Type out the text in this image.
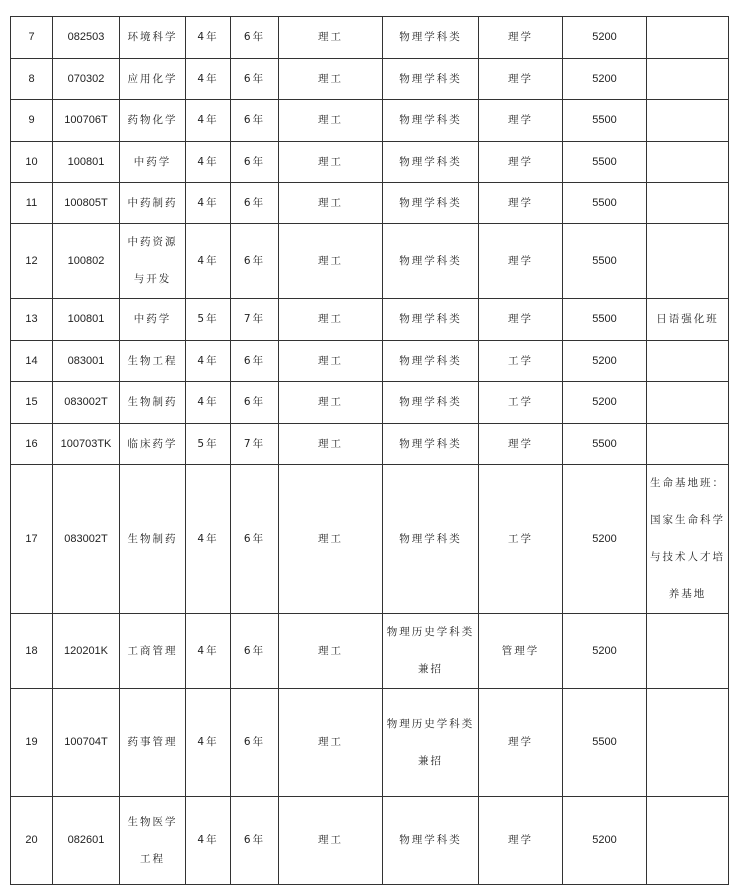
7	082503	环境科学	4年	6年	理工	物理学科类	理学	5200	
8	070302	应用化学	4年	6年	理工	物理学科类	理学	5200	
9	100706T	药物化学	4年	6年	理工	物理学科类	理学	5500	
10	100801	中药学	4年	6年	理工	物理学科类	理学	5500	
11	100805T	中药制药	4年	6年	理工	物理学科类	理学	5500	
12	100802	中药资源与开发	4年	6年	理工	物理学科类	理学	5500	
13	100801	中药学	5年	7年	理工	物理学科类	理学	5500	日语强化班
14	083001	生物工程	4年	6年	理工	物理学科类	工学	5200	
15	083002T	生物制药	4年	6年	理工	物理学科类	工学	5200	
16	100703TK	临床药学	5年	7年	理工	物理学科类	理学	5500	
17	083002T	生物制药	4年	6年	理工	物理学科类	工学	5200	生命基地班：国家生命科学与技术人才培养基地
18	120201K	工商管理	4年	6年	理工	物理历史学科类兼招	管理学	5200	
19	100704T	药事管理	4年	6年	理工	物理历史学科类兼招	理学	5500	
20	082601	生物医学工程	4年	6年	理工	物理学科类	理学	5200	
